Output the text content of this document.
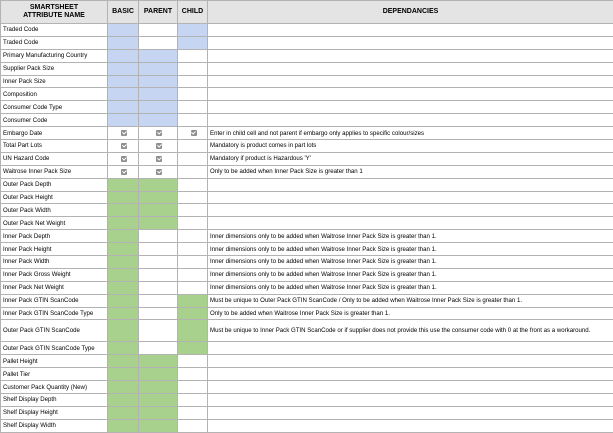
SMARTSHEET
ATTRIBUTE NAME	BASIC	PARENT	CHILD	DEPENDANCIES
Traded Code				
Traded Code				
Primary Manufacturing Country				
Supplier Pack Size				
Inner Pack Size				
Composition				
Consumer Code Type				
Consumer Code				
Embargo Date				Enter in child cell and not parent if embargo only applies to specific colour/sizes
Total Part Lots				Mandatory is product comes in part lots
UN Hazard Code				Mandatory if product is Hazardous 'Y'
Waitrose Inner Pack Size				Only to be added when Inner Pack Size is greater than 1
Outer Pack Depth				
Outer Pack Height				
Outer Pack Width				
Outer Pack Net Weight				
Inner Pack Depth				Inner dimensions only to be added when Waitrose Inner Pack Size is greater than 1.
Inner Pack Height				Inner dimensions only to be added when Waitrose Inner Pack Size is greater than 1.
Inner Pack Width				Inner dimensions only to be added when Waitrose Inner Pack Size is greater than 1.
Inner Pack Gross Weight				Inner dimensions only to be added when Waitrose Inner Pack Size is greater than 1.
Inner Pack Net Weight				Inner dimensions only to be added when Waitrose Inner Pack Size is greater than 1.
Inner Pack GTIN ScanCode				Must be unique to Outer Pack GTIN ScanCode / Only to be added when Waitrose Inner Pack Size is greater than 1.
Inner Pack GTIN ScanCode Type				Only to be added when Waitrose Inner Pack Size is greater than 1.
Outer Pack GTIN ScanCode				Must be unique to Inner Pack GTIN ScanCode or if supplier does not provide this use the consumer code with 0 at the front as a workaround.
Outer Pack GTIN ScanCode Type				
Pallet Height				
Pallet Tier				
Customer Pack Quantity (New)				
Shelf Display Depth				
Shelf Display Height				
Shelf Display Width				
